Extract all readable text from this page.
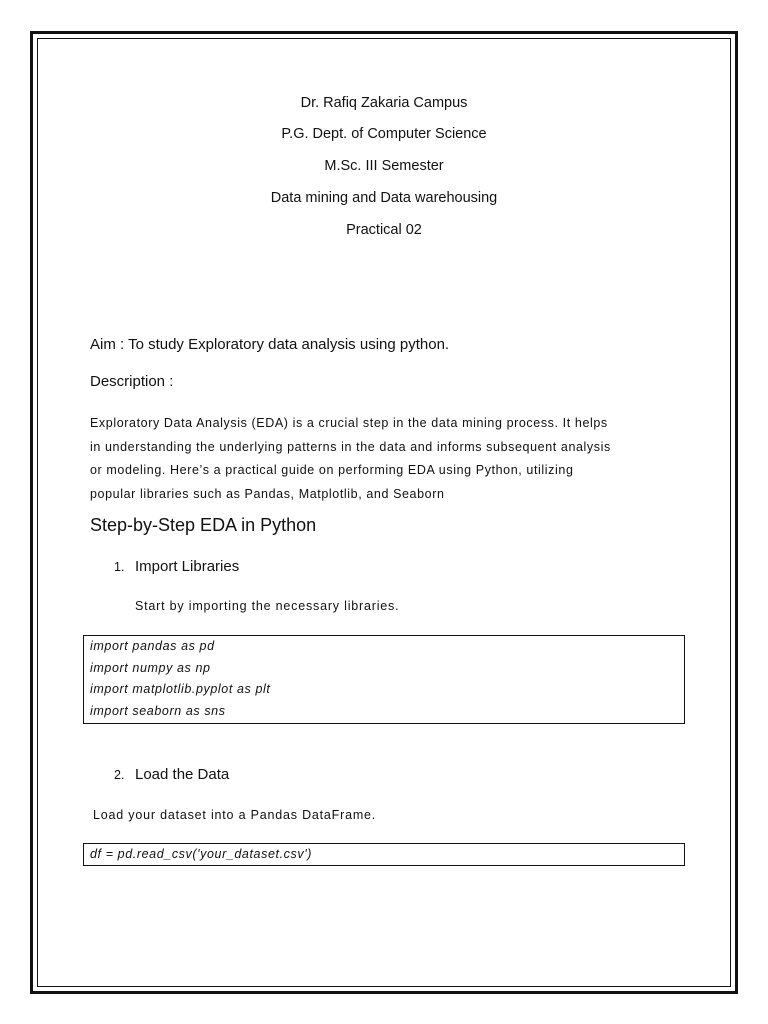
Dr. Rafiq Zakaria Campus
P.G. Dept. of Computer Science
M.Sc. III Semester
Data mining and Data warehousing
Practical 02
Aim : To study Exploratory data analysis using python.
Description :
Exploratory Data Analysis (EDA) is a crucial step in the data mining process. It helps
in understanding the underlying patterns in the data and informs subsequent analysis
or modeling. Here’s a practical guide on performing EDA using Python, utilizing
popular libraries such as Pandas, Matplotlib, and Seaborn
Step-by-Step EDA in Python
1. Import Libraries
Start by importing the necessary libraries.
import pandas as pd
import numpy as np
import matplotlib.pyplot as plt
import seaborn as sns
2. Load the Data
Load your dataset into a Pandas DataFrame.
df = pd.read_csv('your_dataset.csv')
